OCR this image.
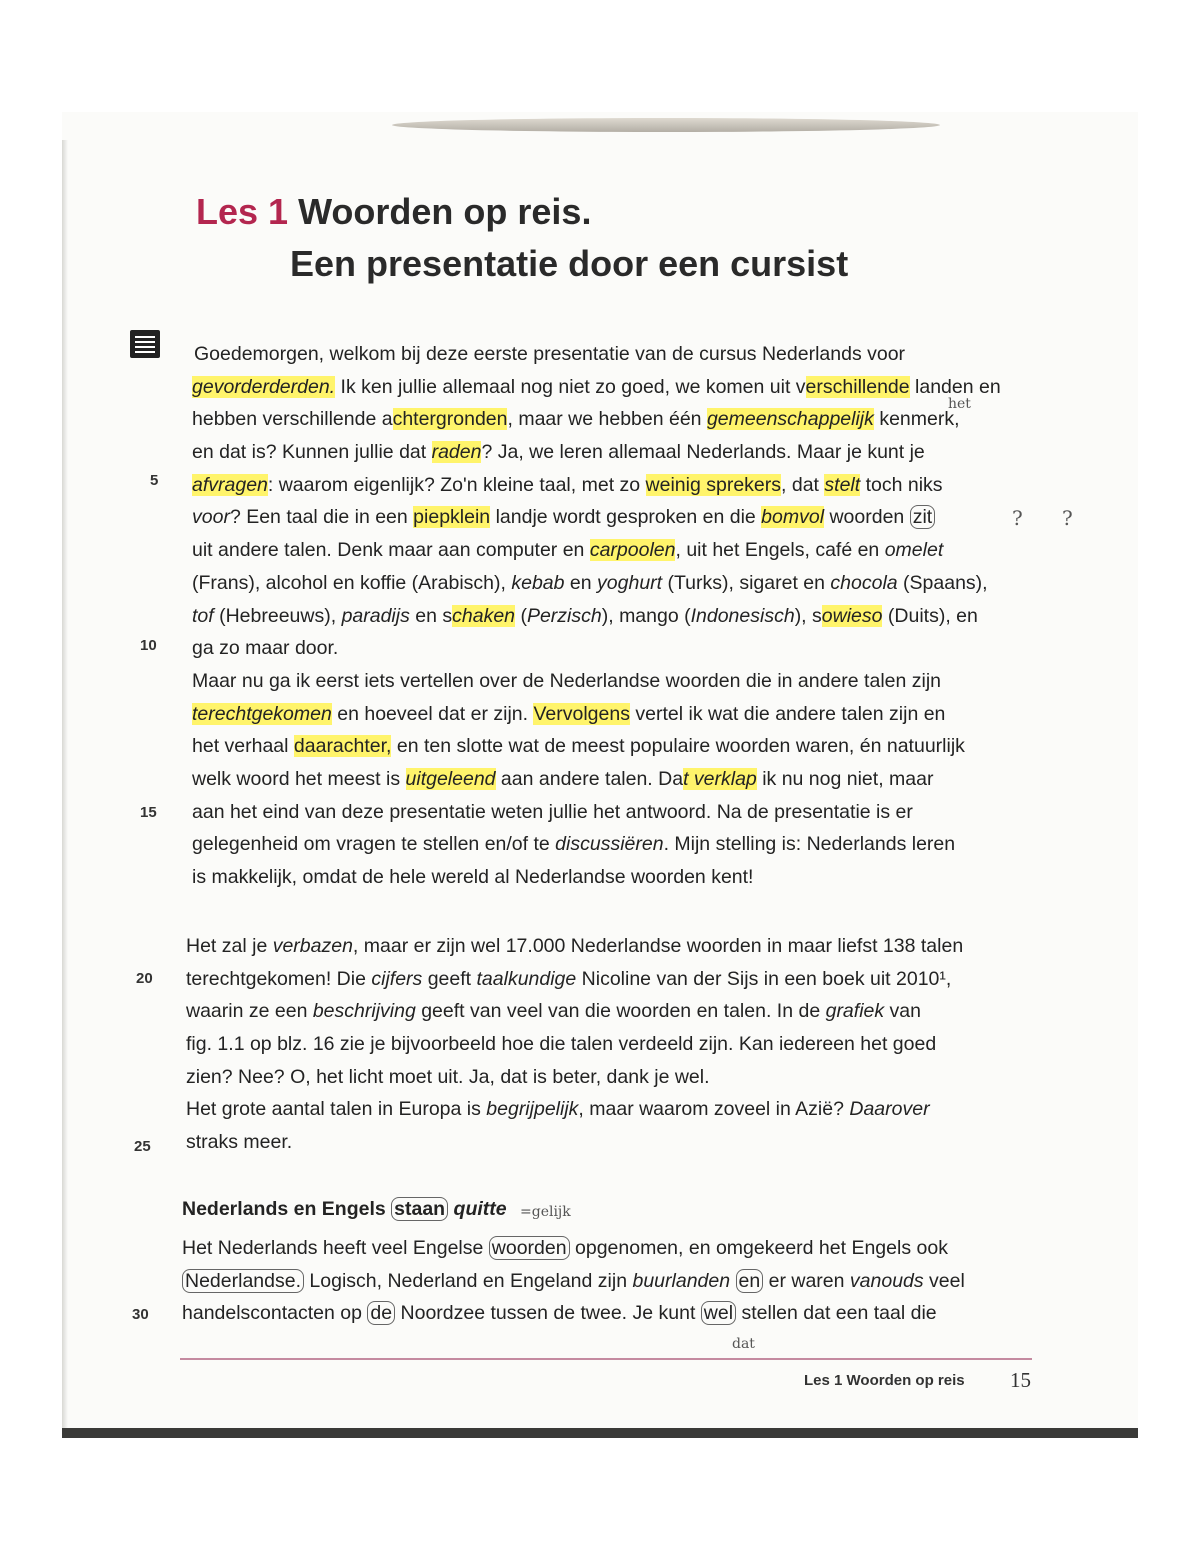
Les 1 Woorden op reis.
Een presentatie door een cursist
5
10
15
20
25
30
Goedemorgen, welkom bij deze eerste presentatie van de cursus Nederlands voor
gevorderderden. Ik ken jullie allemaal nog niet zo goed, we komen uit verschillende landen en
hebben verschillende achtergronden, maar we hebben één gemeenschappelijk kenmerk,
en dat is? Kunnen jullie dat raden? Ja, we leren allemaal Nederlands. Maar je kunt je
afvragen: waarom eigenlijk? Zo'n kleine taal, met zo weinig sprekers, dat stelt toch niks
voor? Een taal die in een piepklein landje wordt gesproken en die bomvol woorden zit
uit andere talen. Denk maar aan computer en carpoolen, uit het Engels, café en omelet
(Frans), alcohol en koffie (Arabisch), kebab en yoghurt (Turks), sigaret en chocola (Spaans),
tof (Hebreeuws), paradijs en schaken (Perzisch), mango (Indonesisch), sowieso (Duits), en
ga zo maar door.
Maar nu ga ik eerst iets vertellen over de Nederlandse woorden die in andere talen zijn
terechtgekomen en hoeveel dat er zijn. Vervolgens vertel ik wat die andere talen zijn en
het verhaal daarachter, en ten slotte wat de meest populaire woorden waren, én natuurlijk
welk woord het meest is uitgeleend aan andere talen. Dat verklap ik nu nog niet, maar
aan het eind van deze presentatie weten jullie het antwoord. Na de presentatie is er
gelegenheid om vragen te stellen en/of te discussiëren. Mijn stelling is: Nederlands leren
is makkelijk, omdat de hele wereld al Nederlandse woorden kent!
Het zal je verbazen, maar er zijn wel 17.000 Nederlandse woorden in maar liefst 138 talen
terechtgekomen! Die cijfers geeft taalkundige Nicoline van der Sijs in een boek uit 2010¹,
waarin ze een beschrijving geeft van veel van die woorden en talen. In de grafiek van
fig. 1.1 op blz. 16 zie je bijvoorbeeld hoe die talen verdeeld zijn. Kan iedereen het goed
zien? Nee? O, het licht moet uit. Ja, dat is beter, dank je wel.
Het grote aantal talen in Europa is begrijpelijk, maar waarom zoveel in Azië? Daarover
straks meer.
Nederlands en Engels staan quitte =gelijk
Het Nederlands heeft veel Engelse woorden opgenomen, en omgekeerd het Engels ook
Nederlandse. Logisch, Nederland en Engeland zijn buurlanden en er waren vanouds veel
handelscontacten op de Noordzee tussen de twee. Je kunt wel stellen dat een taal die
het
? ?
dat
Les 1 Woorden op reis 15
